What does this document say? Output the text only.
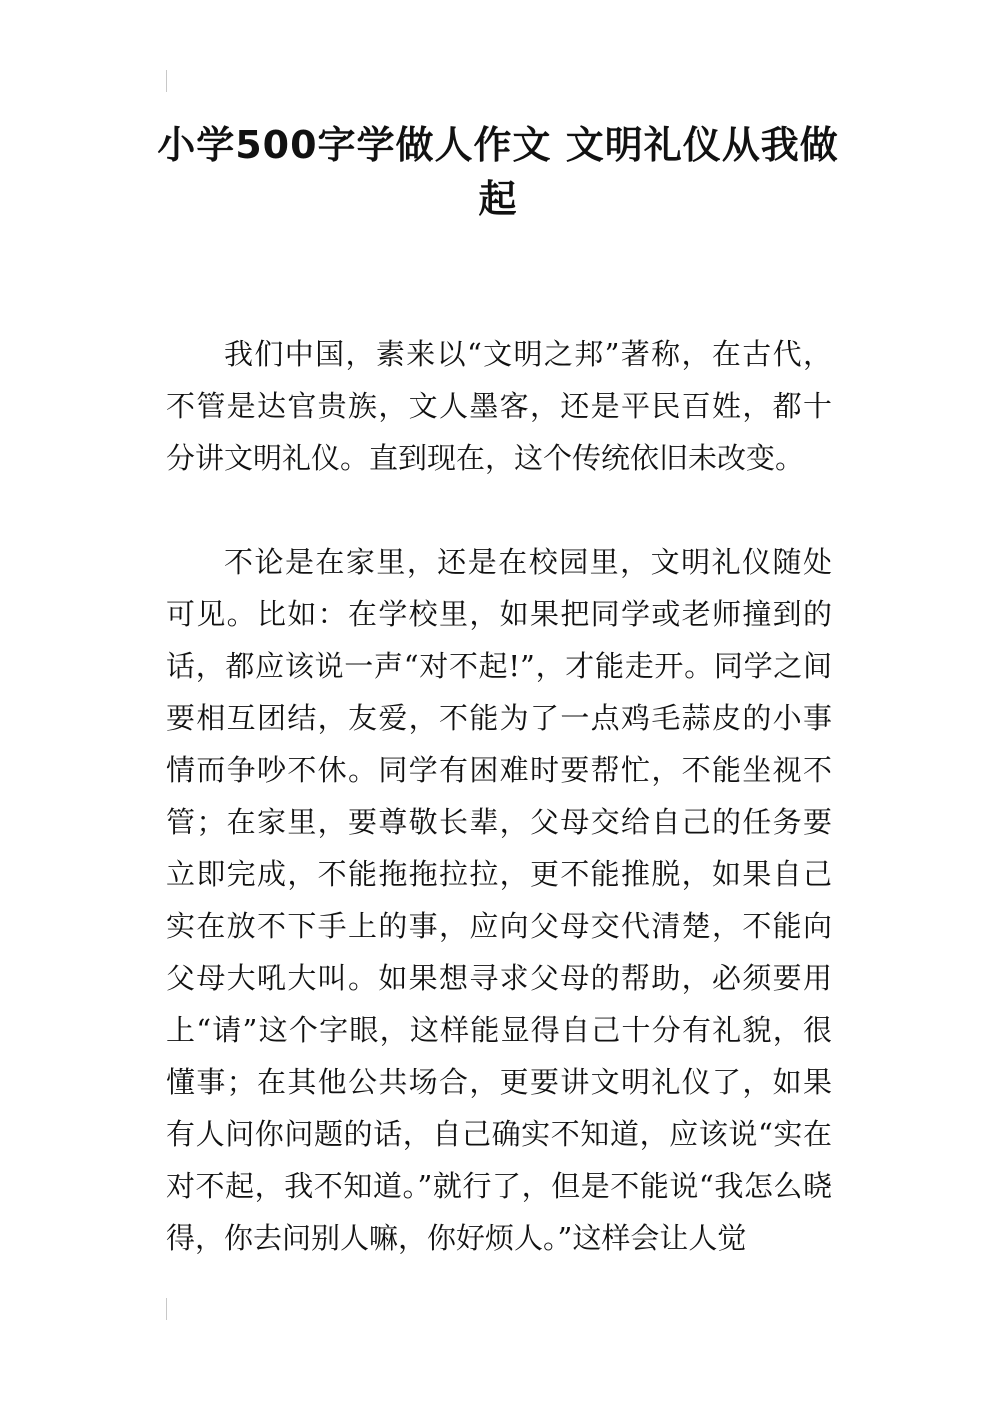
小学500字学做人作文 文明礼仪从我做起

我们中国，素来以“文明之邦”著称，在古代，不管是达官贵族，文人墨客，还是平民百姓，都十分讲文明礼仪。直到现在，这个传统依旧未改变。

不论是在家里，还是在校园里，文明礼仪随处可见。比如：在学校里，如果把同学或老师撞到的话，都应该说一声“对不起!”，才能走开。同学之间要相互团结，友爱，不能为了一点鸡毛蒜皮的小事情而争吵不休。同学有困难时要帮忙，不能坐视不管；在家里，要尊敬长辈，父母交给自己的任务要立即完成，不能拖拖拉拉，更不能推脱，如果自己实在放不下手上的事，应向父母交代清楚，不能向父母大吼大叫。如果想寻求父母的帮助，必须要用上“请”这个字眼，这样能显得自己十分有礼貌，很懂事；在其他公共场合，更要讲文明礼仪了，如果有人问你问题的话，自己确实不知道，应该说“实在对不起，我不知道。”就行了，但是不能说“我怎么晓得，你去问别人嘛，你好烦人。”这样会让人觉
